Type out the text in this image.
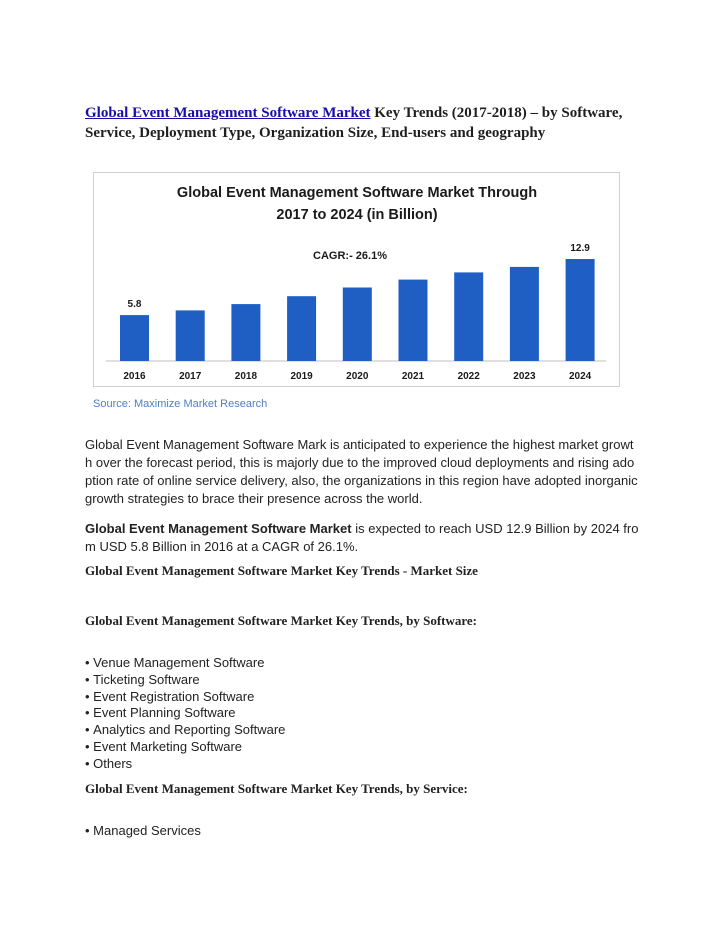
Global Event Management Software Market Key Trends (2017-2018) – by Software, Service, Deployment Type, Organization Size, End-users and geography
Global Event Management Software Market Through
2017 to 2024 (in Billion)
CAGR:- 26.1%
2016
5.8
2017	2018	2019	2020	2021	2022	2023	2024
12.9
Source: Maximize Market Research

Global Event Management Software Mark is anticipated to experience the highest market growth over the forecast period, this is majorly due to the improved cloud deployments and rising adoption rate of online service delivery, also, the organizations in this region have adopted inorganic growth strategies to brace their presence across the world.

Global Event Management Software Market is expected to reach USD 12.9 Billion by 2024 from USD 5.8 Billion in 2016 at a CAGR of 26.1%.

Global Event Management Software Market Key Trends - Market Size
Global Event Management Software Market Key Trends, by Software:
• Venue Management Software
• Ticketing Software
• Event Registration Software
• Event Planning Software
• Analytics and Reporting Software
• Event Marketing Software
• Others
Global Event Management Software Market Key Trends, by Service:
• Managed Services
